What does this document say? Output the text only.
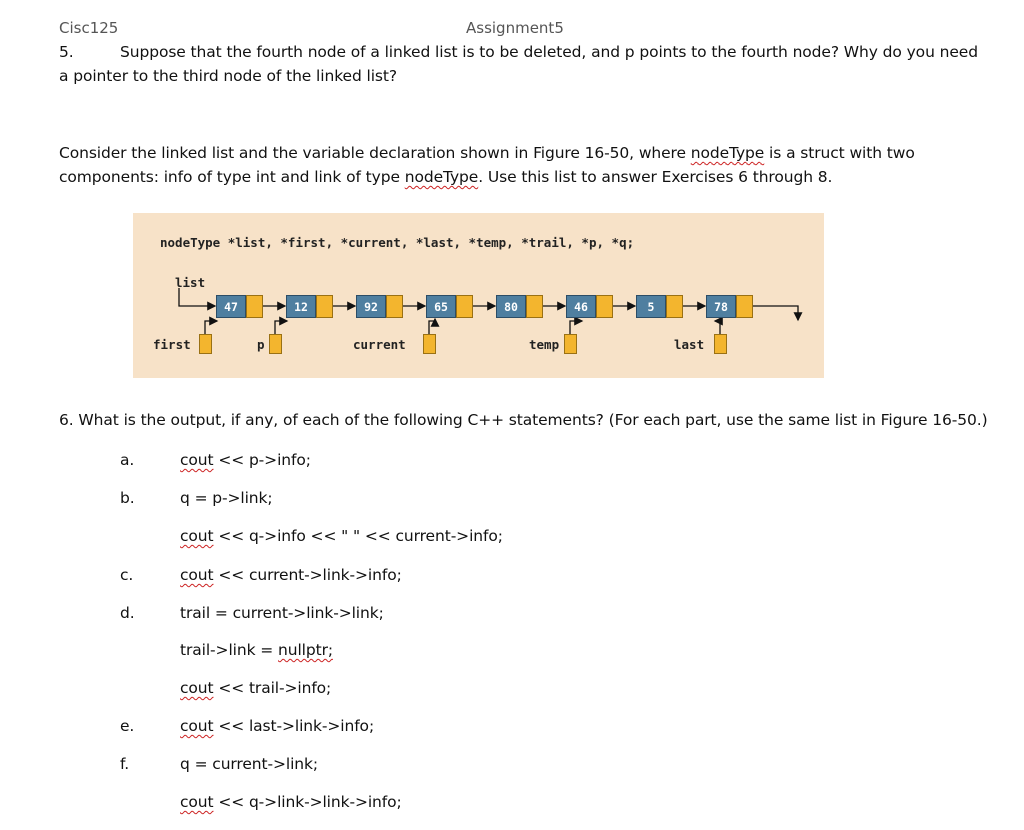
Cisc125	Assignment5
5.	Suppose that the fourth node of a linked list is to be deleted, and p points to the fourth node? Why do you need
a pointer to the third node of the linked list?
Consider the linked list and the variable declaration shown in Figure 16-50, where nodeType is a struct with two
components: info of type int and link of type nodeType. Use this list to answer Exercises 6 through 8.
nodeType *list, *first, *current, *last, *temp, *trail, *p, *q;
list
47	12	92	65	80	46	5	78
first	p	current	temp	last
6. What is the output, if any, of each of the following C++ statements? (For each part, use the same list in Figure 16-50.)
a.	cout << p->info;
b.	q = p->link;
cout << q->info << " " << current->info;
c.	cout << current->link->info;
d.	trail = current->link->link;
trail->link = nullptr;
cout << trail->info;
e.	cout << last->link->info;
f.	q = current->link;
cout << q->link->link->info;
